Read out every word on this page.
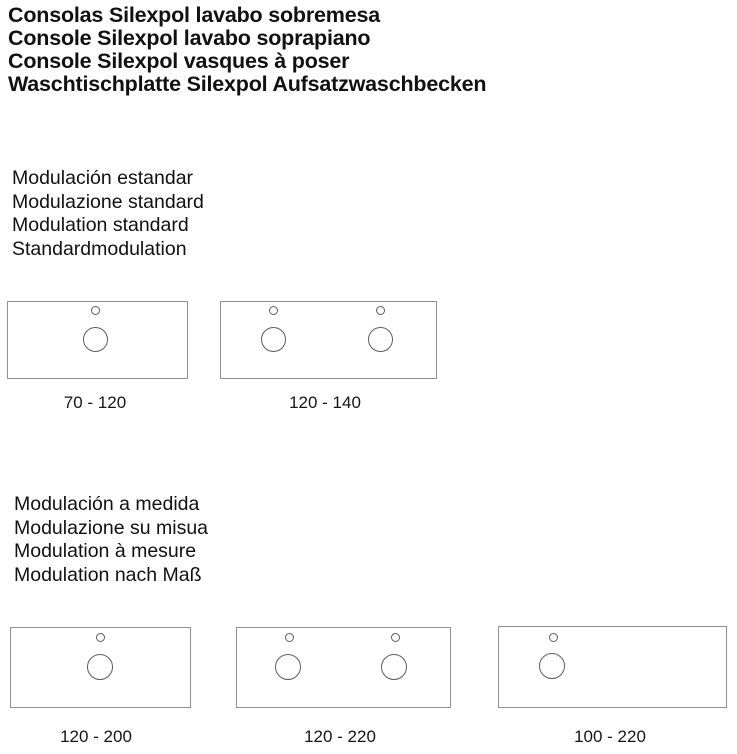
Consolas Silexpol lavabo sobremesa
Console Silexpol lavabo soprapiano
Console Silexpol vasques à poser
Waschtischplatte Silexpol Aufsatzwaschbecken
Modulación estandar
Modulazione standard
Modulation standard
Standardmodulation
70 - 120	120 - 140
Modulación a medida
Modulazione su misua
Modulation à mesure
Modulation nach Maß
120 - 200	120 - 220	100 - 220
